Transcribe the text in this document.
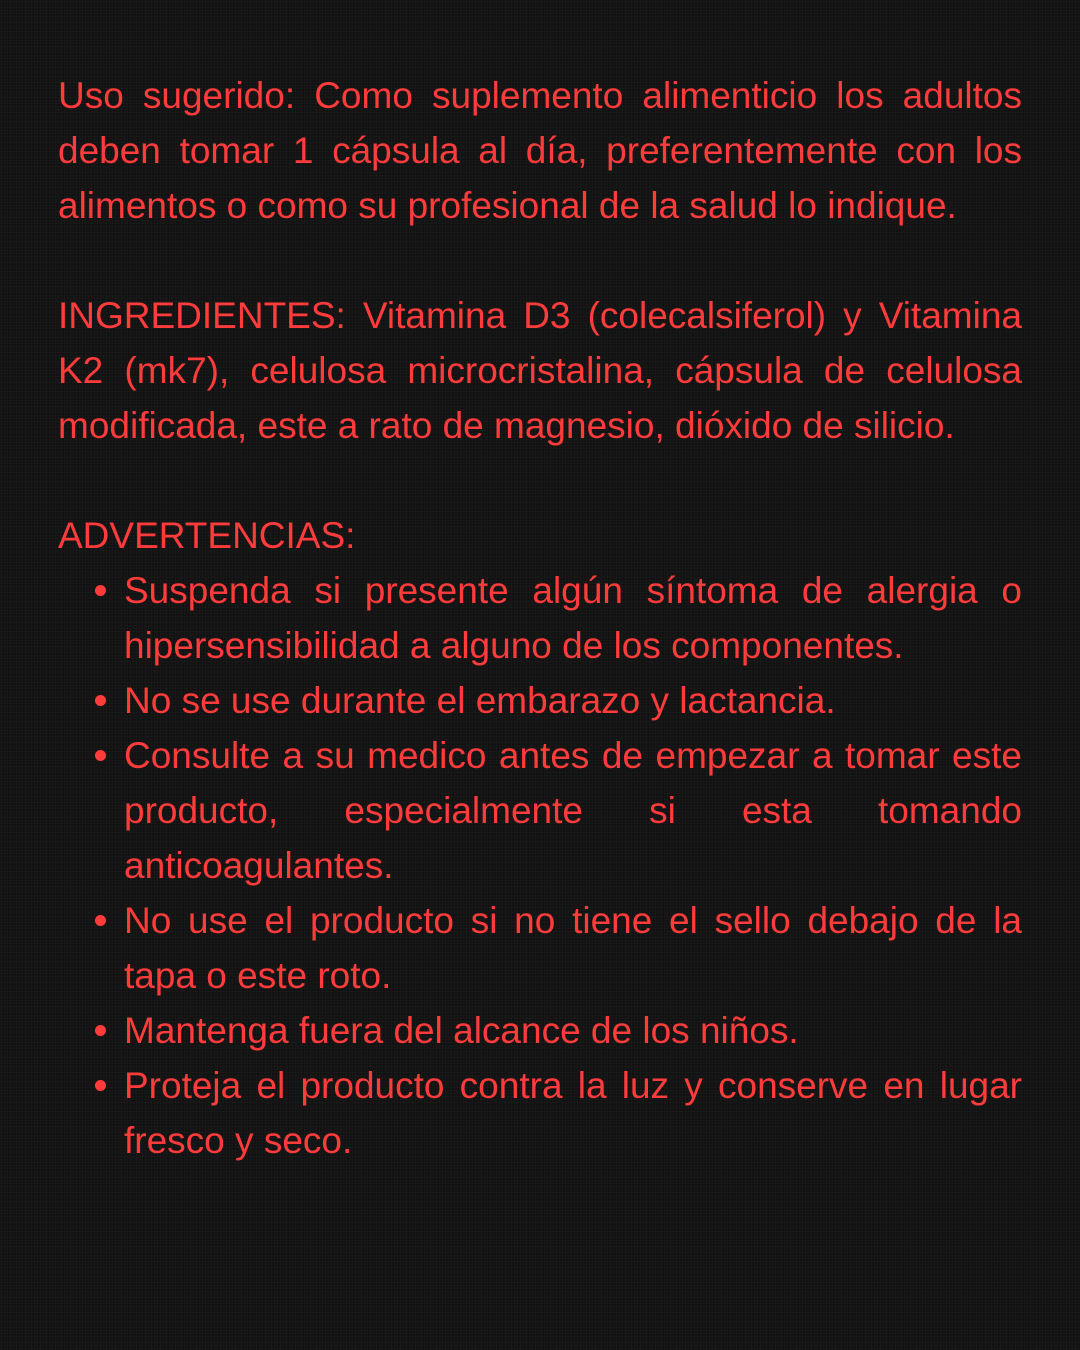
Uso sugerido: Como suplemento alimenticio los adultos deben tomar 1 cápsula al día, preferentemente con los alimentos o como su profesional de la salud lo indique.

INGREDIENTES: Vitamina D3 (colecalsiferol) y Vitamina K2 (mk7), celulosa microcristalina, cápsula de celulosa modificada, este a rato de magnesio, dióxido de silicio.

ADVERTENCIAS:

Suspenda si presente algún síntoma de alergia o hipersensibilidad a alguno de los componentes.
No se use durante el embarazo y lactancia.
Consulte a su medico antes de empezar a tomar este producto, especialmente si esta tomando anticoagulantes.
No use el producto si no tiene el sello debajo de la tapa o este roto.
Mantenga fuera del alcance de los niños.
Proteja el producto contra la luz y conserve en lugar fresco y seco.
